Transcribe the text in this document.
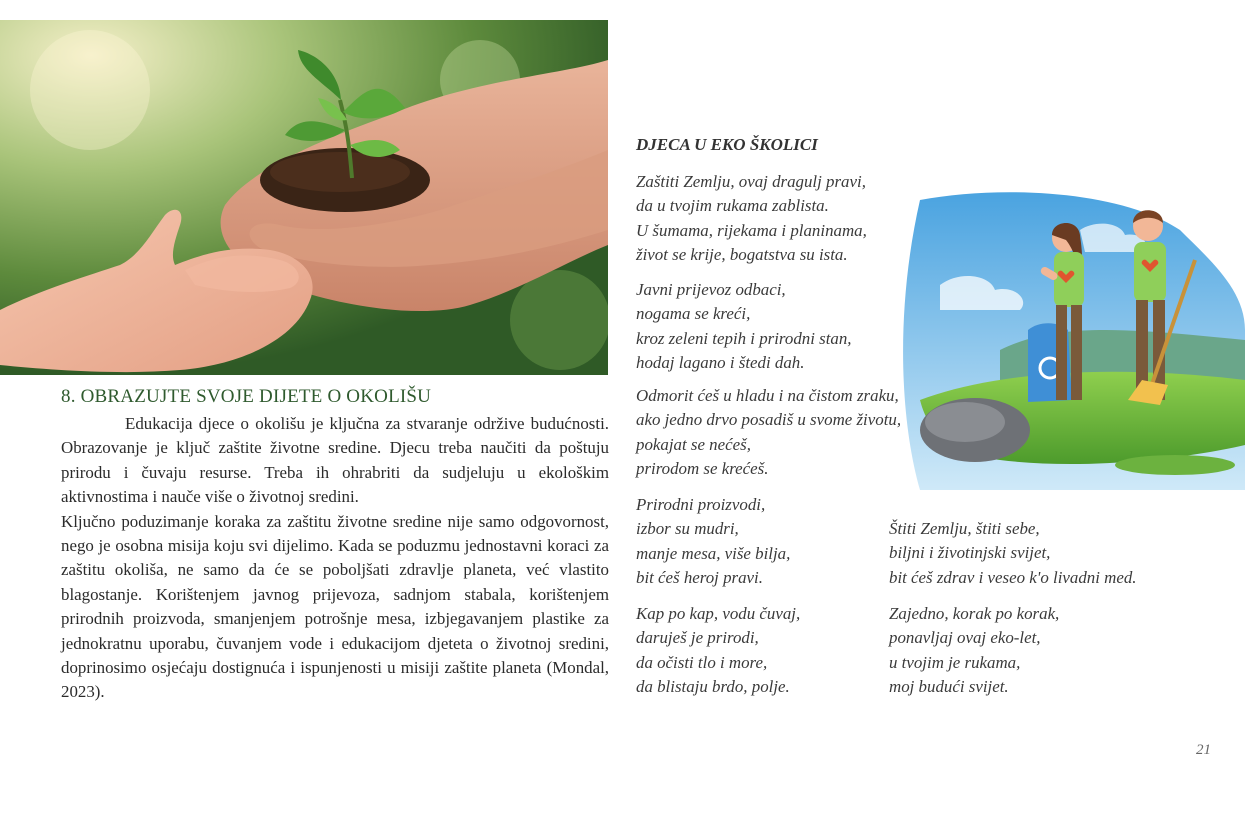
8. OBRAZUJTE SVOJE DIJETE O OKOLIŠU

Edukacija djece o okolišu je ključna za stvaranje održive budućnosti. Obrazovanje je ključ zaštite životne sredine. Djecu treba naučiti da poštuju prirodu i čuvaju resurse. Treba ih ohrabriti da sudjeluju u ekološkim aktivnostima i nauče više o životnoj sredini.

Ključno poduzimanje koraka za zaštitu životne sredine nije samo odgovornost, nego je osobna misija koju svi dijelimo. Kada se poduzmu jednostavni koraci za zaštitu okoliša, ne samo da će se poboljšati zdravlje planeta, već vlastito blagostanje. Korištenjem javnog prijevoza, sadnjom stabala, korištenjem prirodnih proizvoda, smanjenjem potrošnje mesa, izbjegavanjem plastike za jednokratnu uporabu, čuvanjem vode i edukacijom djeteta o životnoj sredini, doprinosimo osjećaju dostignuća i ispunjenosti u misiji zaštite planeta (Mondal, 2023).

DJECA U EKO ŠKOLICI
Zaštiti Zemlju, ovaj dragulj pravi,
da u tvojim rukama zablista.
U šumama, rijekama i planinama,
život se krije, bogatstva su ista.
Javni prijevoz odbaci,
nogama se kreći,
kroz zeleni tepih i prirodni stan,
hodaj lagano i štedi dah.
Odmorit ćeš u hladu i na čistom zraku,
ako jedno drvo posadiš u svome životu,
pokajat se nećeš,
prirodom se krećeš.
Prirodni proizvodi,
izbor su mudri,
manje mesa, više bilja,
bit ćeš heroj pravi.
Kap po kap, vodu čuvaj,
daruješ je prirodi,
da očisti tlo i more,
da blistaju brdo, polje.
Štiti Zemlju, štiti sebe,
biljni i životinjski svijet,
bit ćeš zdrav i veseo k'o livadni med.
Zajedno, korak po korak,
ponavljaj ovaj eko-let,
u tvojim je rukama,
moj budući svijet.
21
